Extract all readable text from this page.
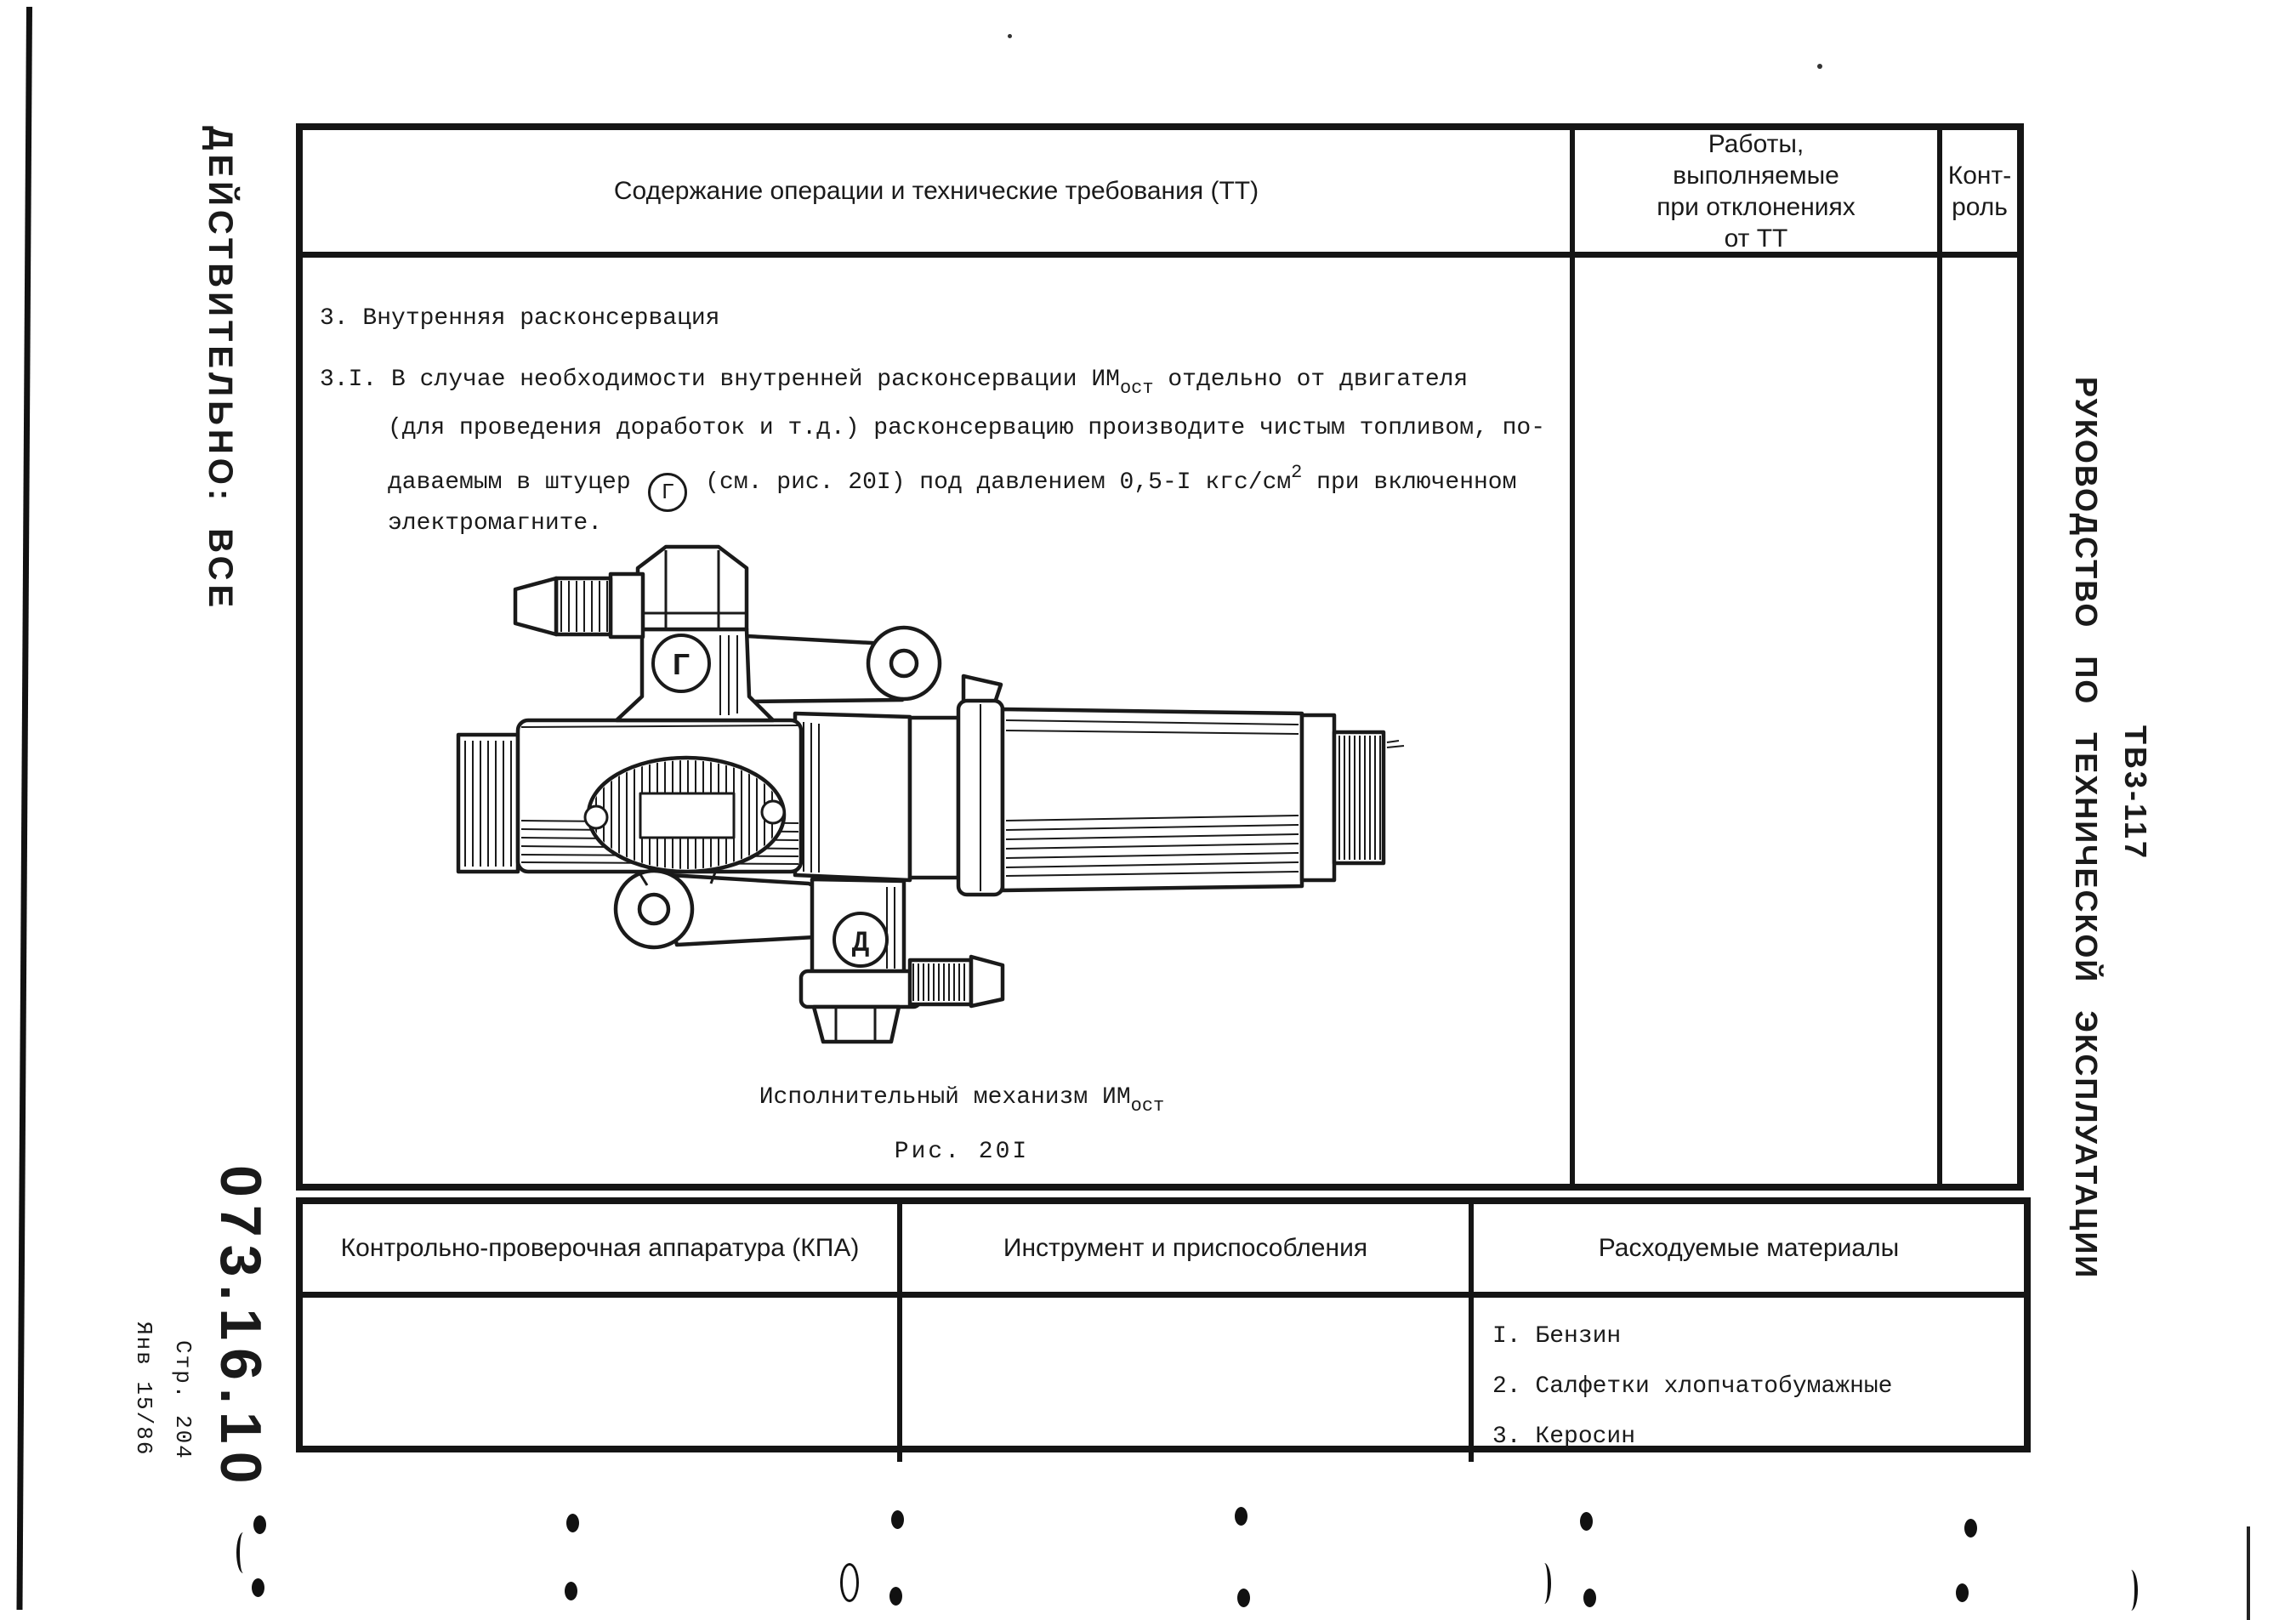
ДЕЙСТВИТЕЛЬНО: ВСЕ
073.16.10
Стр. 204
Янв 15/86
ТВ3-117
РУКОВОДСТВО ПО ТЕХНИЧЕСКОЙ ЭКСПЛУАТАЦИИ
Содержание операции и технические требования (ТТ)
Работы,
выполняемые
при отклонениях
от ТТ
Конт-
роль
3. Внутренняя расконсервация
3.I. В случае необходимости внутренней расконсервации $ИМ_{ост}$ отдельно от двигателя
(для проведения доработок и т.д.) расконсервацию производите чистым топливом, по-
даваемым в штуцер Г (см. рис. 20I) под давлением 0,5-I кгс/$см^2$ при включенном
электромагните.
Г
Д
Исполнительный механизм $ИМ_{ост}$
Рис. 20I
Контрольно-проверочная аппаратура (КПА)	Инструмент и приспособления	Расходуемые материалы
I. Бензин
2. Салфетки хлопчатобумажные
3. Керосин
